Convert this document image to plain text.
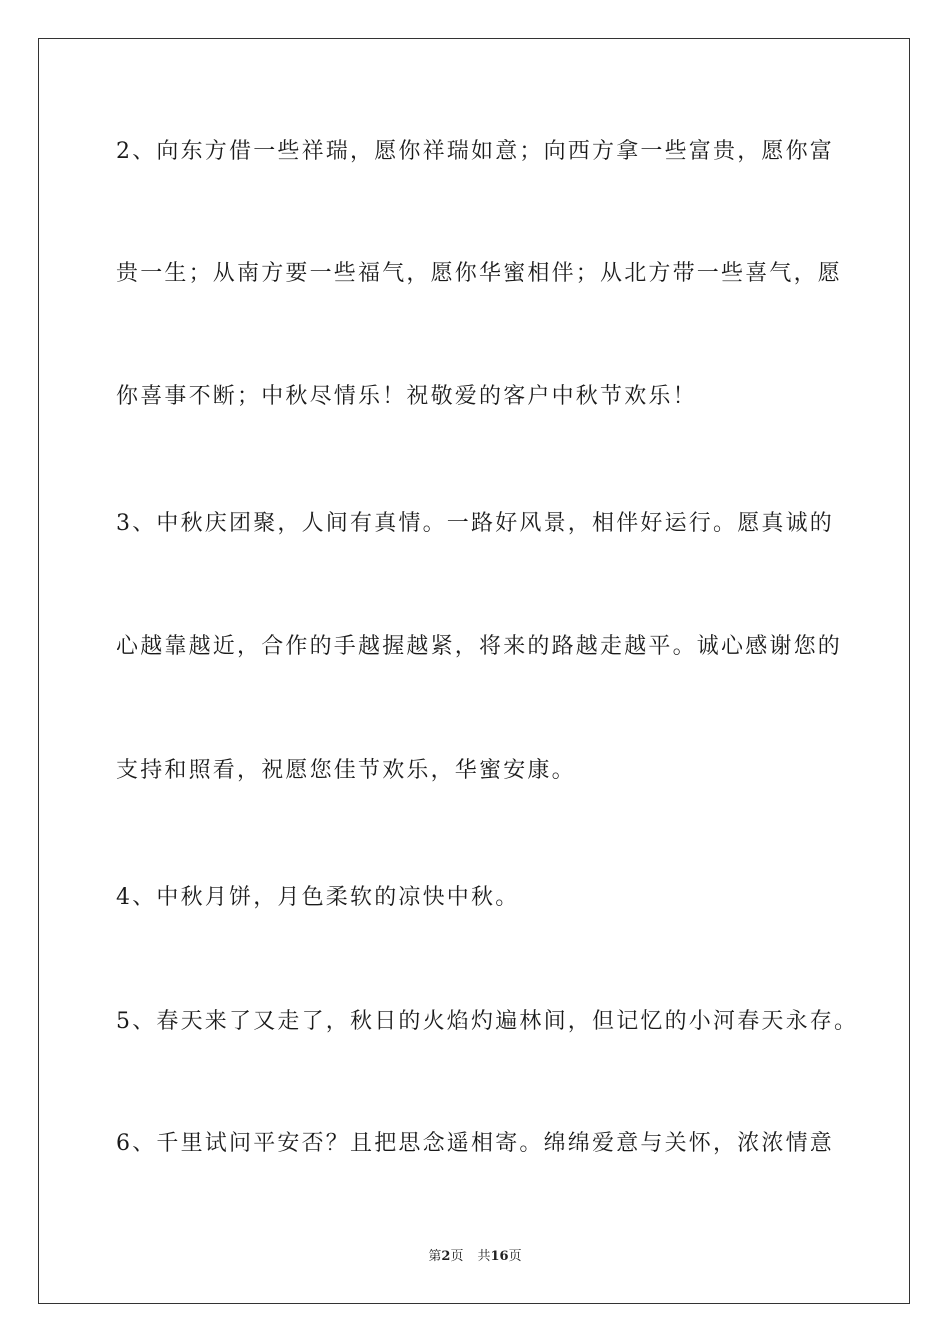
2、向东方借一些祥瑞，愿你祥瑞如意；向西方拿一些富贵，愿你富
贵一生；从南方要一些福气，愿你华蜜相伴；从北方带一些喜气，愿
你喜事不断；中秋尽情乐！祝敬爱的客户中秋节欢乐！
3、中秋庆团聚，人间有真情。一路好风景，相伴好运行。愿真诚的
心越靠越近，合作的手越握越紧，将来的路越走越平。诚心感谢您的
支持和照看，祝愿您佳节欢乐，华蜜安康。
4、中秋月饼，月色柔软的凉快中秋。
5、春天来了又走了，秋日的火焰灼遍林间，但记忆的小河春天永存。
6、千里试问平安否？且把思念遥相寄。绵绵爱意与关怀，浓浓情意
第2页 共16页
